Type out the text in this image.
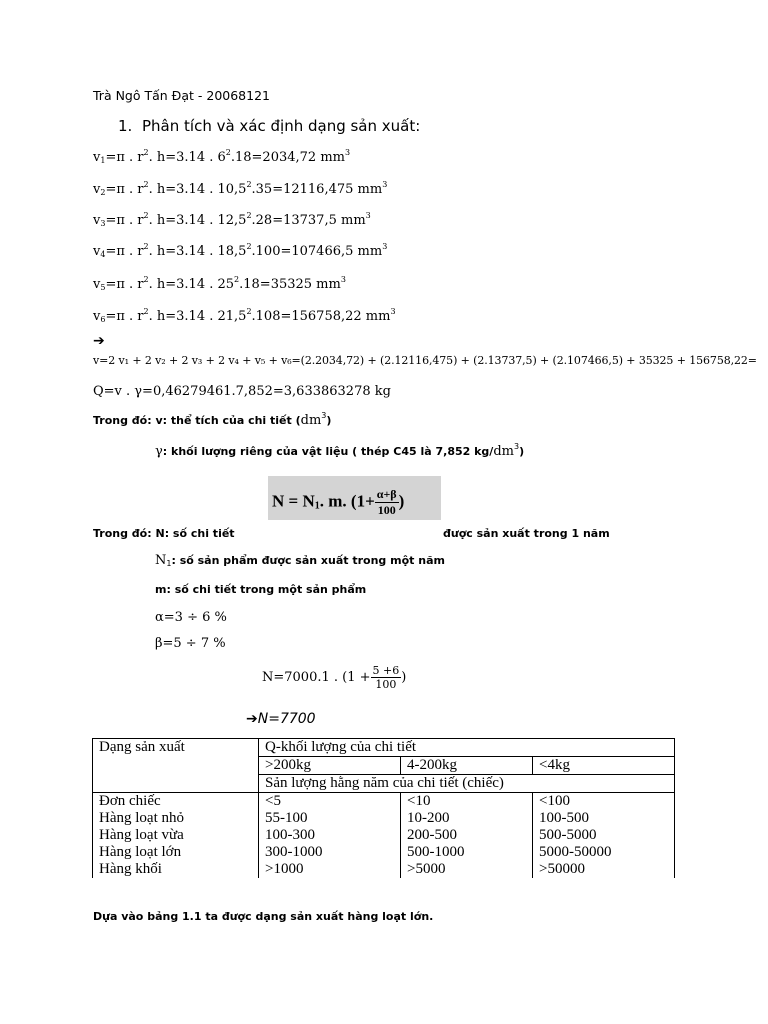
Trà Ngô Tấn Đạt - 20068121
1. Phân tích và xác định dạng sản xuất:
$v_1=\pi$ . $r^2$. h=3.14 . $6^2.18=2034,72$ $mm^3$
$v_2=\pi$ . $r^2$. h=3.14 . $10,5^2.35=12116,475$ $mm^3$
$v_3=\pi$ . $r^2$. h=3.14 . $12,5^2.28=13737,5$ $mm^3$
$v_4=\pi$ . $r^2$. h=3.14 . $18,5^2.100=107466,5$ $mm^3$
$v_5=\pi$ . $r^2$. h=3.14 . $25^2.18=35325$ $mm^3$
$v_6=\pi$ . $r^2$. h=3.14 . $21,5^2.108=156758,22$ $mm^3$
➔
v=2 v₁ + 2 v₂ + 2 v₃ + 2 v₄ + v₅ + v₆=(2.2034,72) + (2.12116,475) + (2.13737,5) + (2.107466,5) + 35325 + 156758,22=
Q=v . γ=0,46279461.7,852=3,633863278 kg
Trong đó: v: thể tích của chi tiết $(dm^3)$
γ: khối lượng riêng của vật liệu ( thép C45 là 7,852 $kg/dm^3$)
$N = N_1$. m. ($1+ \frac{\alpha+\beta}{100}$ )
Trong đó: N: số chi tiết	được sản xuất trong 1 năm
$N_1$: số sản phẩm được sản xuất trong một năm
m: số chi tiết trong một sản phẩm
α=3 ÷ 6 %
β=5 ÷ 7 %
N=7000.1 . ($1 + \frac{5 +6}{100}$ )
➔N=7700
Dạng sản xuất	Q-khối lượng của chi tiết		
	>200kg	4-200kg	<4kg
	Sản lượng hằng năm của chi tiết (chiếc)		
Đơn chiếc	<5	<10	<100
Hàng loạt nhỏ	55-100	10-200	100-500
Hàng loạt vừa	100-300	200-500	500-5000
Hàng loạt lớn	300-1000	500-1000	5000-50000
Hàng khối	>1000	>5000	>50000
Dựa vào bảng 1.1 ta được dạng sản xuất hàng loạt lớn.
